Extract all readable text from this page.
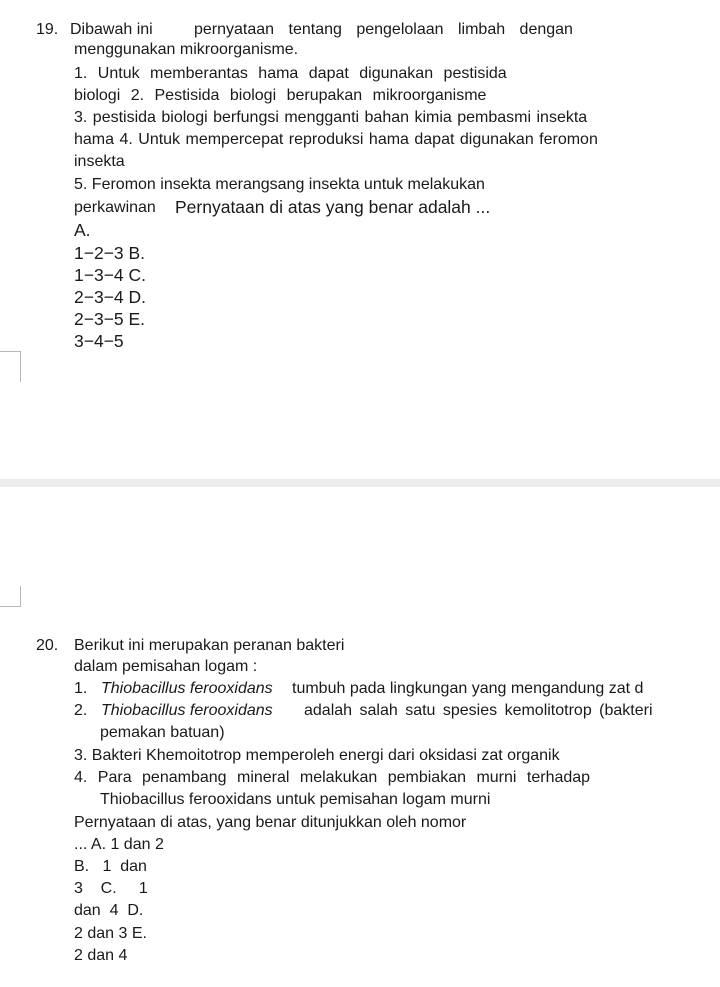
19. Dibawah ini	pernyataan tentang pengelolaan limbah dengan
menggunakan mikroorganisme.
1. Untuk memberantas hama dapat digunakan pestisida
biologi 2. Pestisida biologi berupakan mikroorganisme
3. pestisida biologi berfungsi mengganti bahan kimia pembasmi insekta
hama 4. Untuk mempercepat reproduksi hama dapat digunakan feromon
insekta
5. Feromon insekta merangsang insekta untuk melakukan
perkawinan Pernyataan di atas yang benar adalah ...
A.
1−2−3 B.
1−3−4 C.
2−3−4 D.
2−3−5 E.
3−4−5
20. Berikut ini merupakan peranan bakteri
dalam pemisahan logam :
1. Thiobacillus ferooxidans tumbuh pada lingkungan yang mengandung zat d
2. Thiobacillus ferooxidans adalah salah satu spesies kemolitotrop (bakteri
pemakan batuan)
3. Bakteri Khemoitotrop memperoleh energi dari oksidasi zat organik
4. Para penambang mineral melakukan pembiakan murni terhadap
Thiobacillus ferooxidans untuk pemisahan logam murni
Pernyataan di atas, yang benar ditunjukkan oleh nomor
... A. 1 dan 2
B.   1  dan
3    C.     1
dan  4  D.
2 dan 3 E.
2 dan 4
